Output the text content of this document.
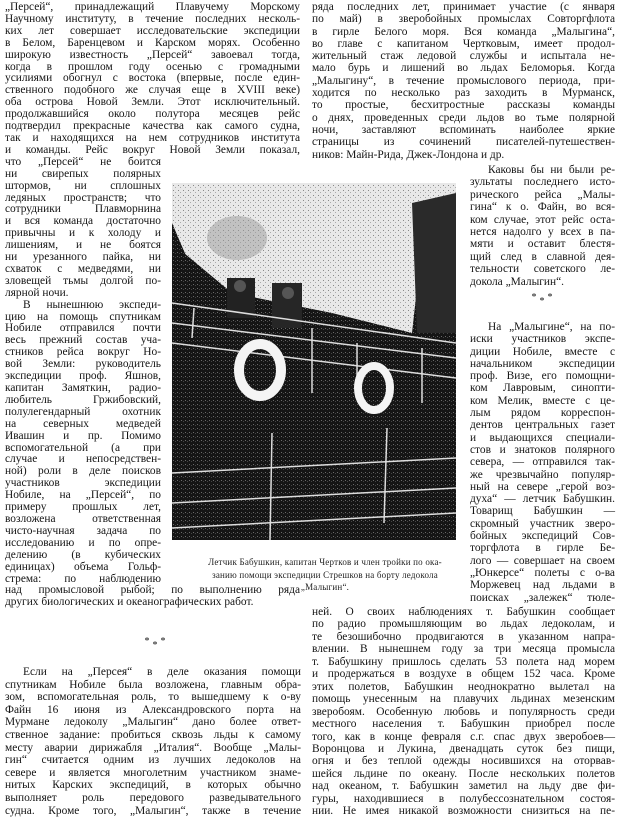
„Персей“, принадлежащий Плавучему Морскому
Научному институту, в течение последних несколь-
ких лет совершает исследовательские экспедиции
в Белом, Баренцевом и Карском морях. Особенно
широкую известность „Персей“ завоевал тогда,
когда в прошлом году осенью с громадными
усилиями обогнул с востока (впервые, после един-
ственного подобного же случая еще в XVIII веке)
оба острова Новой Земли. Этот исключительный.
продолжавшийся около полутора месяцев рейс
подтвердил прекрасные качества как самого судна,
так и находящихся на нем сотрудников института
и команды. Рейс вокруг Новой Земли показал,
что „Персей“ не боится
ни свирепых полярных
штормов, ни сплошных
ледяных пространств; что
сотрудники Плавморнина
и вся команда достаточно
привычны и к холоду и
лишениям, и не боятся
ни урезанного пайка, ни
схваток с медведями, ни
зловещей тьмы долгой по-
лярной ночи.
В нынешнюю экспеди-
цию на помощь спутникам
Нобиле отправился почти
весь прежний состав уча-
стников рейса вокруг Но-
вой Земли: руководитель
экспедиции проф. Яшнов,
капитан Замяткин, радио-
любитель Гржибовский,
полулегендарный охотник
на северных медведей
Ивашин и пр. Помимо
вспомогательной (а при
случае и непосредствен-
ной) роли в деле поисков
участников экспедиции
Нобиле, на „Персей“, по
примеру прошлых лет,
возложена ответственная
чисто-научная задача по
исследованию и по опре-
делению (в кубических
единицах) объема Гольф-
стрема: по наблюдению
над промысловой рыбой; по выполнению ряда
других биологических и океанографических работ.
* * *
Если на „Персея“ в деле оказания помощи
спутникам Нобиле была возложена, главным обра-
зом, вспомогательная роль, то вышедшему к о-ву
Файн 16 июня из Александровского порта на
Мурмане ледоколу „Малыгин“ дано более ответ-
ственное задание: пробиться сквозь льды к самому
месту аварии дирижабля „Италия“. Вообще „Малы-
гин“ считается одним из лучших ледоколов на
севере и является многолетним участником знаме-
нитых Карских экспедиций, в которых обычно
выполняет роль передового разведывательного
судна. Кроме того, „Малыгин“, также в течение
ряда последних лет, принимает участие (с января
по май) в зверобойных промыслах Совторгфлота
в гирле Белого моря. Вся команда „Малыгина“,
во главе с капитаном Чертковым, имеет продол-
жительный стаж ледовой службы и испытала не-
мало бурь и лишений во льдах Беломорья. Когда
„Малыгину“, в течение промыслового периода, при-
ходится по несколько раз заходить в Мурманск,
то простые, бесхитростные рассказы команды
о днях, проведенных среди льдов во тьме полярной
ночи, заставляют вспоминать наиболее яркие
страницы из сочинений писателей-путешествен-
ников: Майн-Рида, Джек-Лондона и др.
Каковы бы ни были ре-
зультаты последнего исто-
рического рейса „Малы-
гина“ к о. Файн, во вся-
ком случае, этот рейс оста-
нется надолго у всех в па-
мяти и оставит блестя-
щий след в славной дея-
тельности советского ле-
докола „Малыгин“.
* * *
На „Малыгине“, на по-
иски участников экспе-
диции Нобиле, вместе с
начальником экспедиции
проф. Визе, его помощни-
ком Лавровым, синопти-
ком Мелик, вместе с це-
лым рядом корреспон-
дентов центральных газет
и выдающихся специали-
стов и знатоков полярного
севера, — отправился так-
же чрезвычайно популяр-
ный на севере „герой воз-
духа“ — летчик Бабушкин.
Товарищ Бабушкин —
скромный участник зверо-
бойных экспедиций Сов-
торгфлота в гирле Бе-
лого — совершает на своем
„Юнкерсе“ полеты с о-ва
Моржевец над льдами в
поисках „залежек“ тюле-
ней. О своих наблюдениях т. Бабушкин сообщает
по радио промышляющим во льдах ледоколам, и
те безошибочно продвигаются в указанном напра-
влении. В нынешнем году за три месяца промысла
т. Бабушкину пришлось сделать 53 полета над морем
и продержаться в воздухе в общем 152 часа. Кроме
этих полетов, Бабушкин неоднократно вылетал на
помощь унесенным на плавучих льдинах мезенским
зверобоям. Особенную любовь и популярность среди
местного населения т. Бабушкин приобрел после
того, как в конце февраля с.г. спас двух зверобоев—
Воронцова и Лукина, двенадцать суток без пищи,
огня и без теплой одежды носившихся на оторвав-
шейся льдине по океану. После нескольких полетов
над океаном, т. Бабушкин заметил на льду две фи-
гуры, находившиеся в полубессознательном состоя-
нии. Не имея никакой возможности снизиться на пе-
Летчик Бабушкин, капитан Чертков и член тройки по ока-
занию помощи экспедиции Стрешков на борту ледокола
„Малыгин“.
